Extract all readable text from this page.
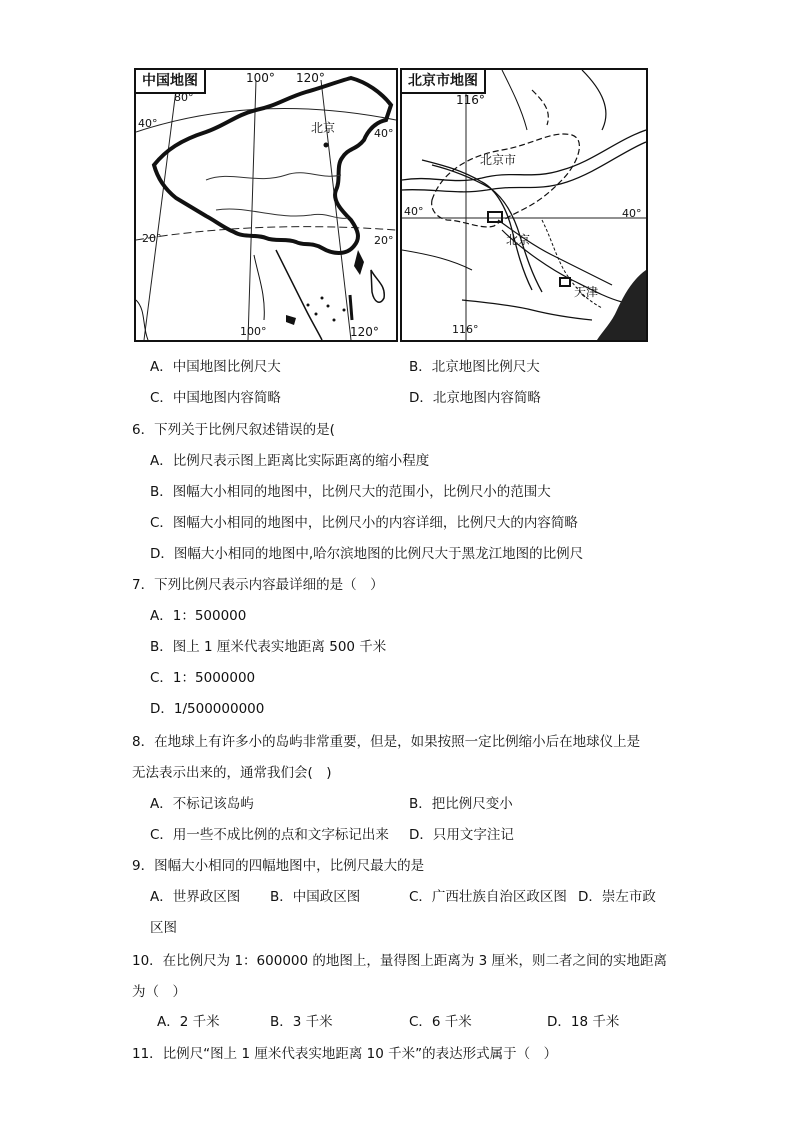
中国地图	100° 120°
80°
40°
40°
北京
20°	20°
100°	120°
北京市地图
116°
北京市
40°	40°
北京
天津
116°
A．中国地图比例尺大	B．北京地图比例尺大
C．中国地图内容简略	D．北京地图内容简略
6．下列关于比例尺叙述错误的是(
A．比例尺表示图上距离比实际距离的缩小程度
B．图幅大小相同的地图中，比例尺大的范围小，比例尺小的范围大
C．图幅大小相同的地图中，比例尺小的内容详细，比例尺大的内容简略
D．图幅大小相同的地图中,哈尔滨地图的比例尺大于黑龙江地图的比例尺
7．下列比例尺表示内容最详细的是（　）
A．1：500000
B．图上 1 厘米代表实地距离 500 千米
C．1：5000000
D．1/500000000
8．在地球上有许多小的岛屿非常重要，但是，如果按照一定比例缩小后在地球仪上是
无法表示出来的，通常我们会(　)
A．不标记该岛屿	B．把比例尺变小
C．用一些不成比例的点和文字标记出来 D．只用文字注记
9．图幅大小相同的四幅地图中，比例尺最大的是
A．世界政区图 B．中国政区图	C．广西壮族自治区政区图 D．崇左市政
区图
10．在比例尺为 1：600000 的地图上，量得图上距离为 3 厘米，则二者之间的实地距离
为（　）
A．2 千米	B．3 千米	C．6 千米	D．18 千米
11．比例尺“图上 1 厘米代表实地距离 10 千米”的表达形式属于（　）
